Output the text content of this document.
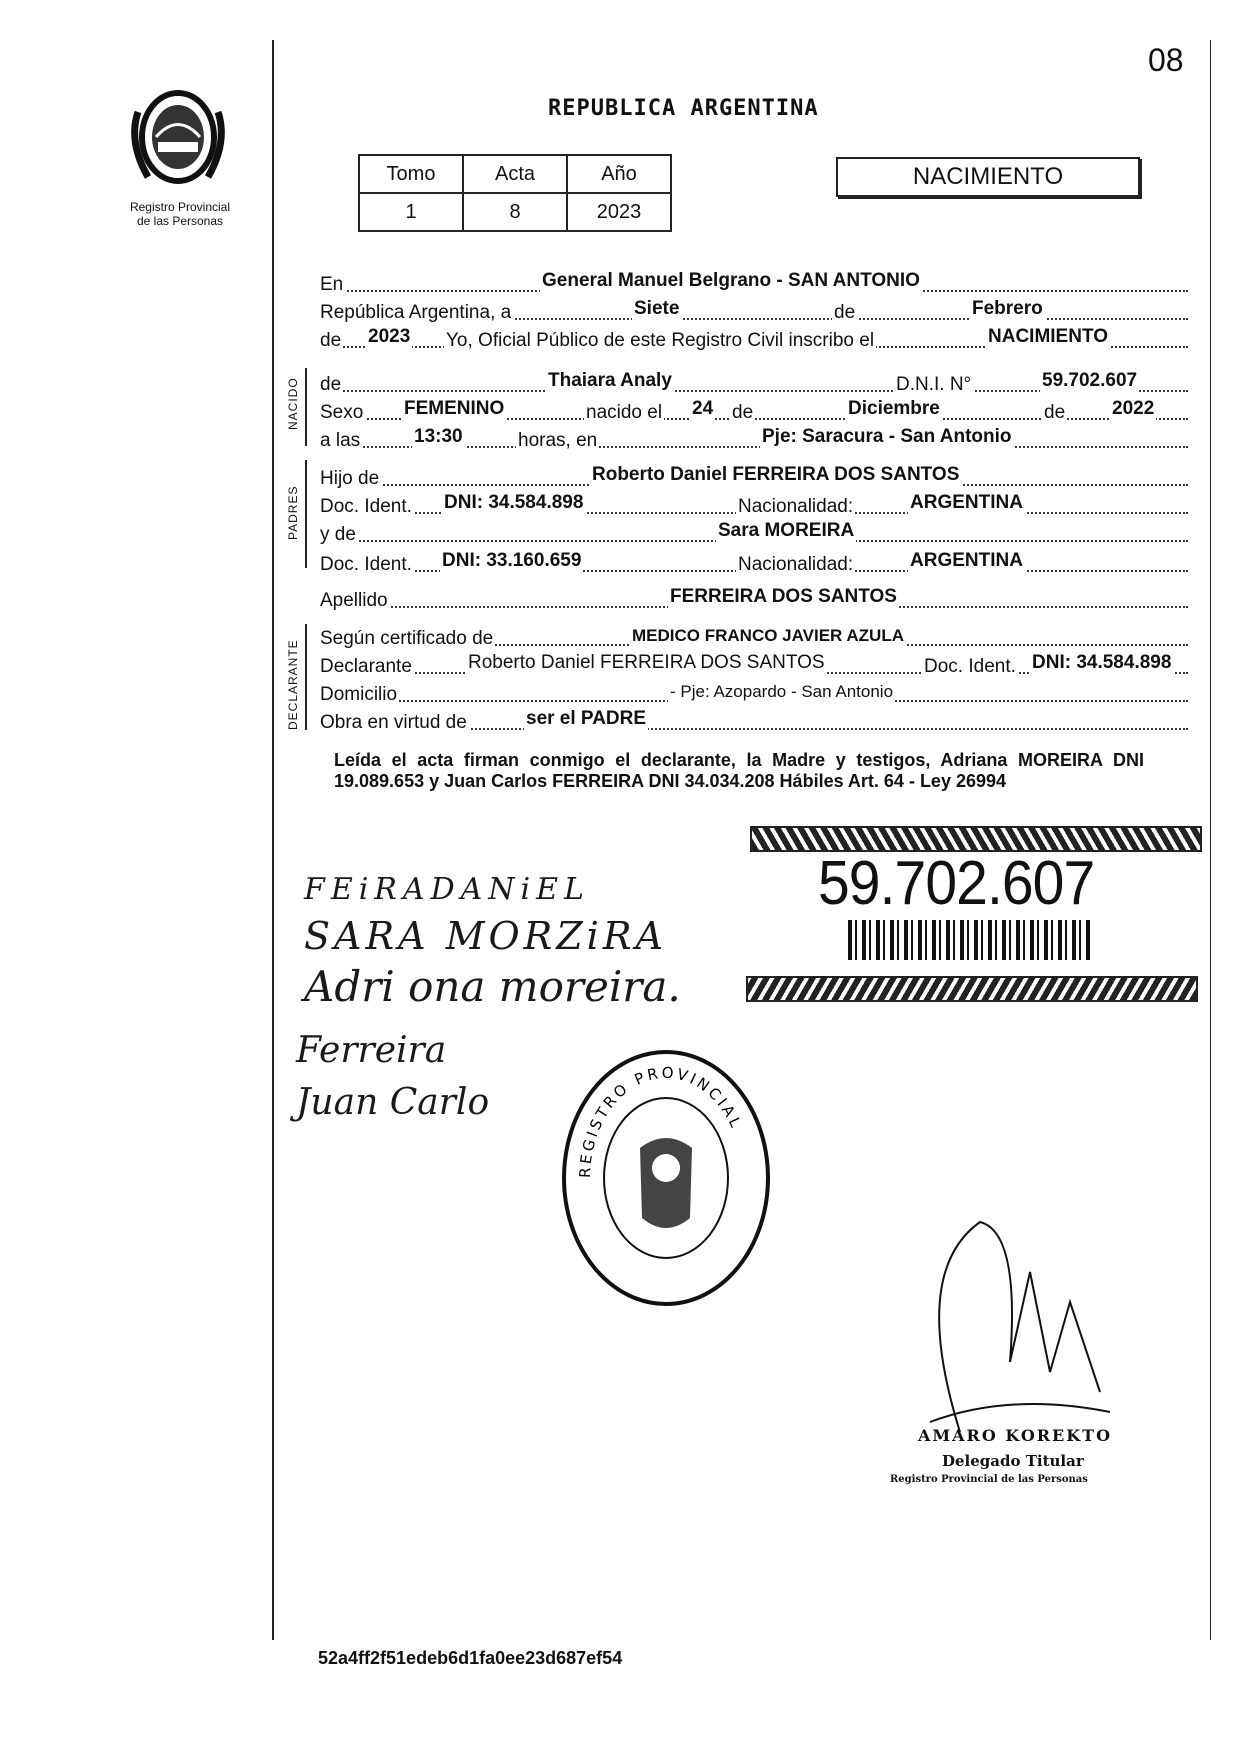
08
Registro Provincial
de las Personas
REPUBLICA ARGENTINA
Tomo	Acta	Año
1	8	2023
NACIMIENTO
NACIDO
PADRES
DECLARANTE
En	General Manuel Belgrano - SAN ANTONIO
República Argentina, a	Siete	de	Febrero
de 2023 Yo, Oficial Público de este Registro Civil inscribo el	NACIMIENTO
de	Thaiara Analy	D.N.I. N°	59.702.607
Sexo FEMENINO	nacido el 24 de	Diciembre	de 2022
a las	13:30	horas, en	Pje: Saracura - San Antonio
Hijo de	Roberto Daniel FERREIRA DOS SANTOS
Doc. Ident. DNI: 34.584.898	Nacionalidad:	ARGENTINA
y de	Sara MOREIRA
Doc. Ident. DNI: 33.160.659	Nacionalidad:	ARGENTINA
Apellido	FERREIRA DOS SANTOS
Según certificado de	MEDICO FRANCO JAVIER AZULA
Declarante	Roberto Daniel FERREIRA DOS SANTOS	Doc. Ident. DNI: 34.584.898
Domicilio	- Pje: Azopardo - San Antonio
Obra en virtud de	ser el PADRE
Leída el acta firman conmigo el declarante, la Madre y testigos, Adriana MOREIRA DNI 19.089.653 y Juan Carlos FERREIRA DNI 34.034.208 Hábiles Art. 64 - Ley 26994
59.702.607
FEiRADANiEL
SARA MORZiRA
Adri ona moreira.
Ferreira
Juan Carlo
REGISTRO PROVINCIAL
AMARO KOREKTO
Delegado Titular
Registro Provincial de las Personas
52a4ff2f51edeb6d1fa0ee23d687ef54
